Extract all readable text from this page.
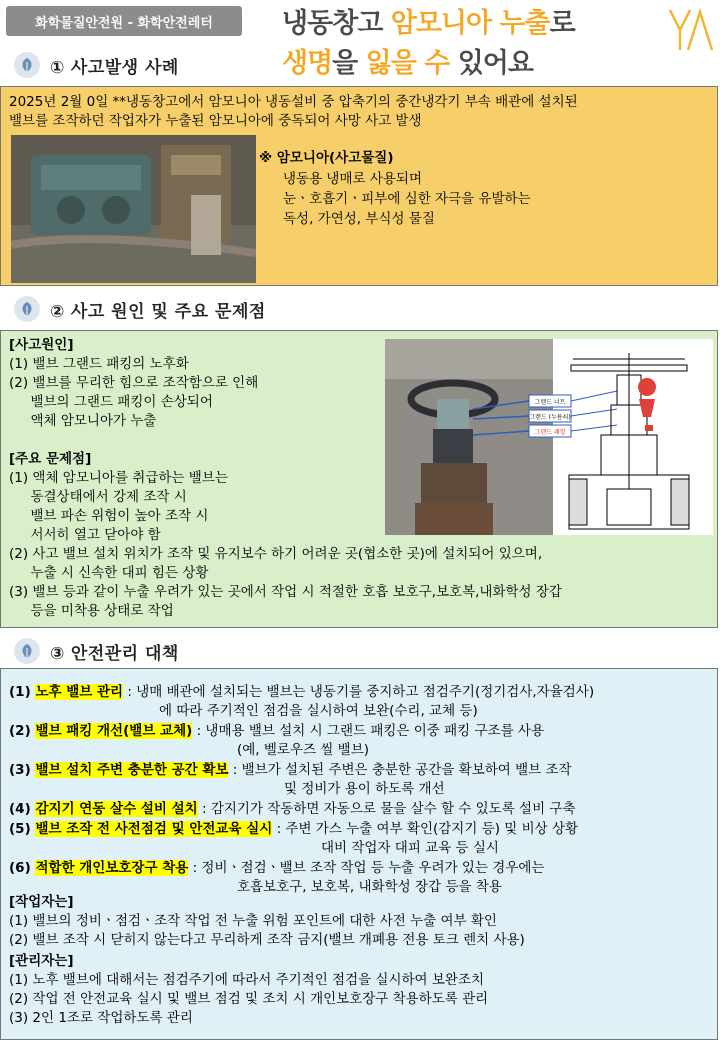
화학물질안전원 - 화학안전레터	냉동창고 암모니아 누출로
생명을 잃을 수 있어요
① 사고발생 사례
2025년 2월 0일 **냉동창고에서 암모니아 냉동설비 중 압축기의 중간냉각기 부속 배관에 설치된
밸브를 조작하던 작업자가 누출된 암모니아에 중독되어 사망 사고 발생
※ 암모니아(사고물질)
냉동용 냉매로 사용되며
눈ㆍ호흡기ㆍ피부에 심한 자극을 유발하는
독성, 가연성, 부식성 물질
② 사고 원인 및 주요 문제점
[사고원인]
(1) 밸브 그랜드 패킹의 노후화
(2) 밸브를 무리한 힘으로 조작함으로 인해
밸브의 그랜드 패킹이 손상되어
액체 암모니아가 누출
[주요 문제점]
(1) 액체 암모니아를 취급하는 밸브는
동결상태에서 강제 조작 시
밸브 파손 위험이 높아 조작 시
서서히 열고 닫아야 함
(2) 사고 밸브 설치 위치가 조작 및 유지보수 하기 어려운 곳(협소한 곳)에 설치되어 있으며,
누출 시 신속한 대피 힘든 상황
(3) 밸브 등과 같이 누출 우려가 있는 곳에서 작업 시 적절한 호흡 보호구,보호복,내화학성 장갑
등을 미착용 상태로 작업
그랜드 너트
그랜드 (누름쇠)
그랜드 패킹
③ 안전관리 대책
(1) 노후 밸브 관리 : 냉매 배관에 설치되는 밸브는 냉동기를 중지하고 점검주기(정기검사,자율검사)
에 따라 주기적인 점검을 실시하여 보완(수리, 교체 등)
(2) 밸브 패킹 개선(밸브 교체) : 냉매용 밸브 설치 시 그랜드 패킹은 이중 패킹 구조를 사용
(예, 벨로우즈 씰 밸브)
(3) 밸브 설치 주변 충분한 공간 확보 : 밸브가 설치된 주변은 충분한 공간을 확보하여 밸브 조작
및 정비가 용이 하도록 개선
(4) 감지기 연동 살수 설비 설치 : 감지기가 작동하면 자동으로 물을 살수 할 수 있도록 설비 구축
(5) 밸브 조작 전 사전점검 및 안전교육 실시 : 주변 가스 누출 여부 확인(감지기 등) 및 비상 상황
대비 작업자 대피 교육 등 실시
(6) 적합한 개인보호장구 착용 : 정비ㆍ점검ㆍ밸브 조작 작업 등 누출 우려가 있는 경우에는
호흡보호구, 보호복, 내화학성 장갑 등을 착용
[작업자는]
(1) 밸브의 정비ㆍ점검ㆍ조작 작업 전 누출 위험 포인트에 대한 사전 누출 여부 확인
(2) 밸브 조작 시 닫히지 않는다고 무리하게 조작 금지(밸브 개폐용 전용 토크 렌치 사용)
[관리자는]
(1) 노후 밸브에 대해서는 점검주기에 따라서 주기적인 점검을 실시하여 보완조치
(2) 작업 전 안전교육 실시 및 밸브 점검 및 조치 시 개인보호장구 착용하도록 관리
(3) 2인 1조로 작업하도록 관리
